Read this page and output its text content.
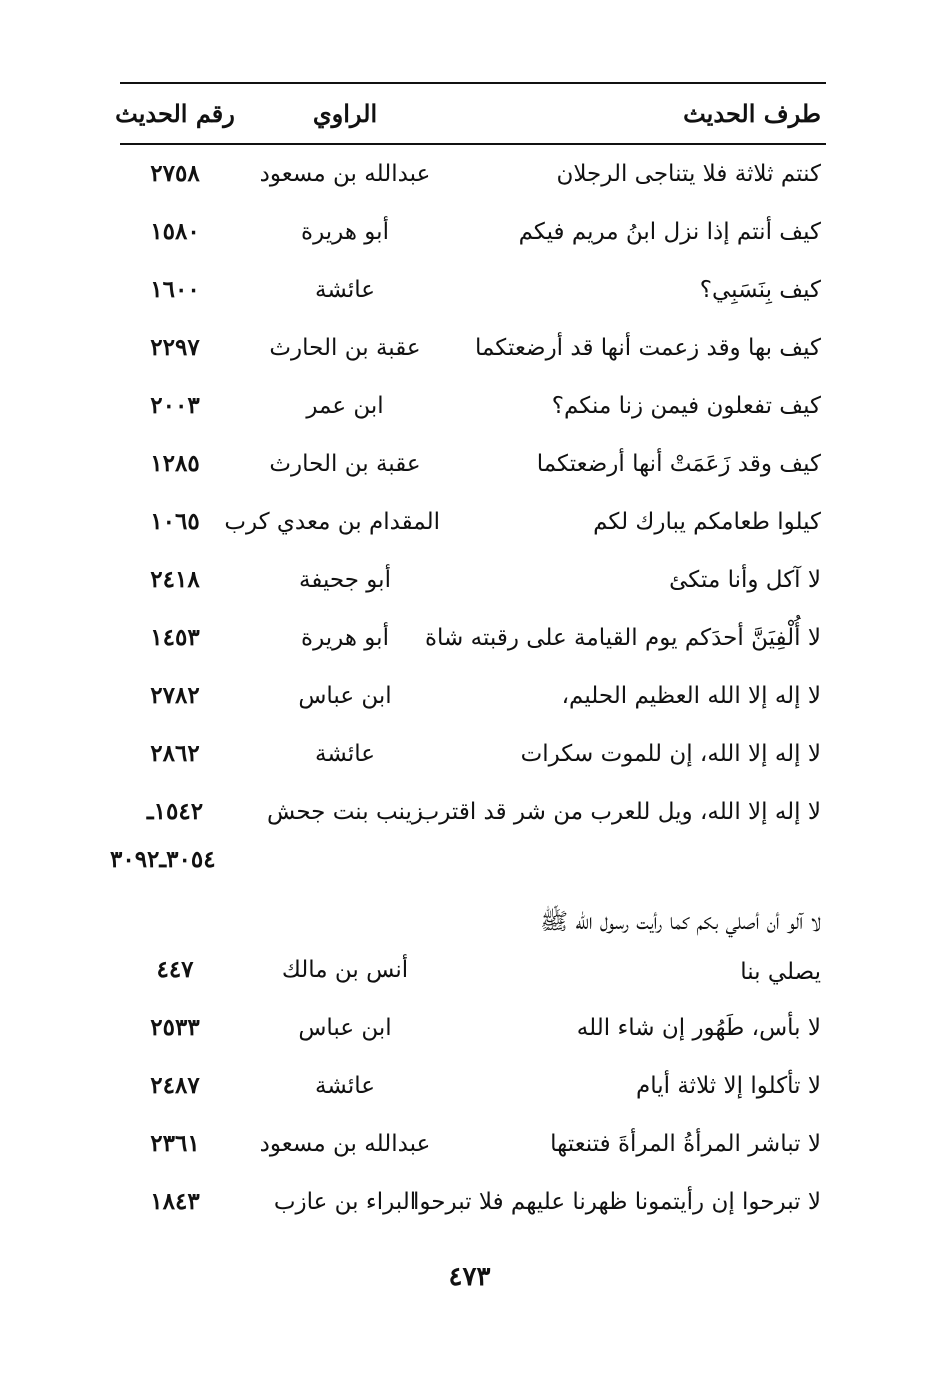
طرف الحديث
الراوي
رقم الحديث
كنتم ثلاثة فلا يتناجى الرجلان
عبدالله بن مسعود
٢٧٥٨
كيف أنتم إذا نزل ابنُ مريم فيكم
أبو هريرة
١٥٨٠
كيف بِنَسَبِي؟
عائشة
١٦٠٠
كيف بها وقد زعمت أنها قد أرضعتكما
عقبة بن الحارث
٢٢٩٧
كيف تفعلون فيمن زنا منكم؟
ابن عمر
٢٠٠٣
كيف وقد زَعَمَتْ أنها أرضعتكما
عقبة بن الحارث
١٢٨٥
كيلوا طعامكم يبارك لكم
المقدام بن معدي كرب
١٠٦٥
لا آكل وأنا متكئ
أبو جحيفة
٢٤١٨
لا أُلْفِيَنَّ أحدَكم يوم القيامة على رقبته شاة
أبو هريرة
١٤٥٣
لا إله إلا الله العظيم الحليم،
ابن عباس
٢٧٨٢
لا إله إلا الله، إن للموت سكرات
عائشة
٢٨٦٢
لا إله إلا الله، ويل للعرب من شر قد اقترب
زينب بنت جحش
١٥٤٢ـ
٣٠٥٤ـ٣٠٩٢
لا آلو أن أصلي بكم كما رأيت رسول الله ﷺ
يصلي بنا
أنس بن مالك
٤٤٧
لا بأس، طَهُور إن شاء الله
ابن عباس
٢٥٣٣
لا تأكلوا إلا ثلاثة أيام
عائشة
٢٤٨٧
لا تباشر المرأةُ المرأةَ فتنعتها
عبدالله بن مسعود
٢٣٦١
لا تبرحوا إن رأيتمونا ظهرنا عليهم فلا تبرحوا
البراء بن عازب
١٨٤٣
٤٧٣
